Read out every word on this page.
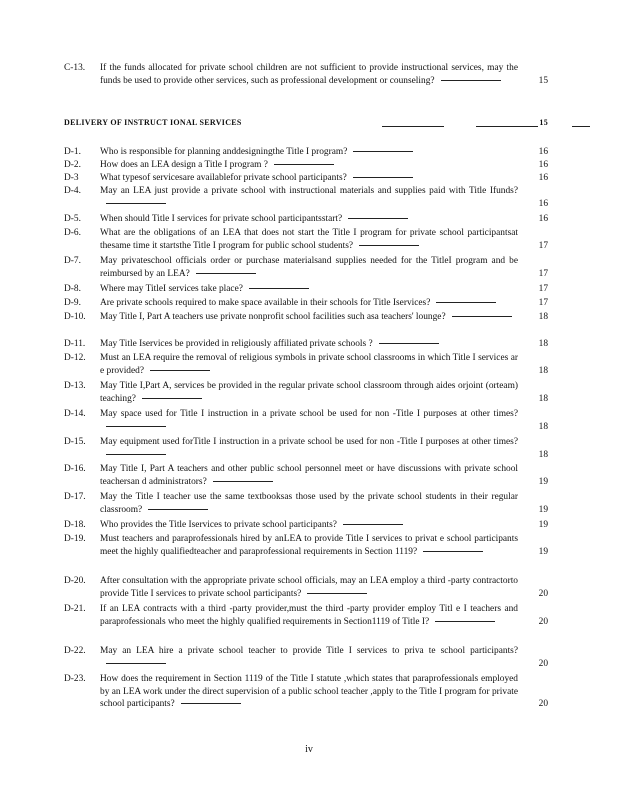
C-13.	If the funds allocated for private school children are not sufficient to provide instructional services, may the funds be used to provide other services, such as professional development or counseling?	15
DELIVERY OF INSTRUCT IONAL SERVICES	15
D-1.	Who is responsible for planning anddesigningthe Title I program?	16
D-2.	How does an LEA design a Title I program ?	16
D-3	What typesof servicesare availablefor private school participants?	16
D-4.	May an LEA just provide a private school with instructional materials and supplies paid with Title Ifunds?
16
D-5.	When should Title I services for private school participantsstart?	16
D-6.	What are the obligations of an LEA that does not start the Title I program for private school participantsat thesame time it startsthe Title I program for public school students?	17
D-7.	May privateschool officials order or purchase materialsand supplies needed for the TitleI program and be reimbursed by an LEA?	17
D-8.	Where may TitleI services take place?	17
D-9.	Are private schools required to make space available in their schools for Title Iservices?	17
D-10.	May Title I, Part A teachers use private nonprofit school facilities such asa teachers' lounge?	18
D-11.	May Title Iservices be provided in religiously affiliated private schools ?	18
D-12.	Must an LEA require the removal of religious symbols in private school classrooms in which Title I services ar e provided?	18
D-13.	May Title I,Part A, services be provided in the regular private school classroom through aides orjoint (orteam) teaching?	18
D-14.	May space used for Title I instruction in a private school be used for non -Title I purposes at other times?
18
D-15.	May equipment used forTitle I instruction in a private school be used for non -Title I purposes at other times?
18
D-16.	May Title I, Part A teachers and other public school personnel meet or have discussions with private school teachersan d administrators?	19
D-17.	May the Title I teacher use the same textbooksas those used by the private school students in their regular classroom?	19
D-18.	Who provides the Title Iservices to private school participants?	19
D-19.	Must teachers and paraprofessionals hired by anLEA to provide Title I services to privat e school participants meet the highly qualifiedteacher and paraprofessional requirements in Section 1119?	19
D-20.	After consultation with the appropriate private school officials, may an LEA employ a third -party contractorto provide Title I services to private school participants?	20
D-21.	If an LEA contracts with a third -party provider,must the third -party provider employ Titl e I teachers and paraprofessionals who meet the highly qualified requirements in Section1119 of Title I?	20
D-22.	May an LEA hire a private school teacher to provide Title I services to priva te school participants?
20
D-23.	How does the requirement in Section 1119 of the Title I statute ,which states that paraprofessionals employed by an LEA work under the direct supervision of a public school teacher ,apply to the Title I program for private school participants?	20
iv
